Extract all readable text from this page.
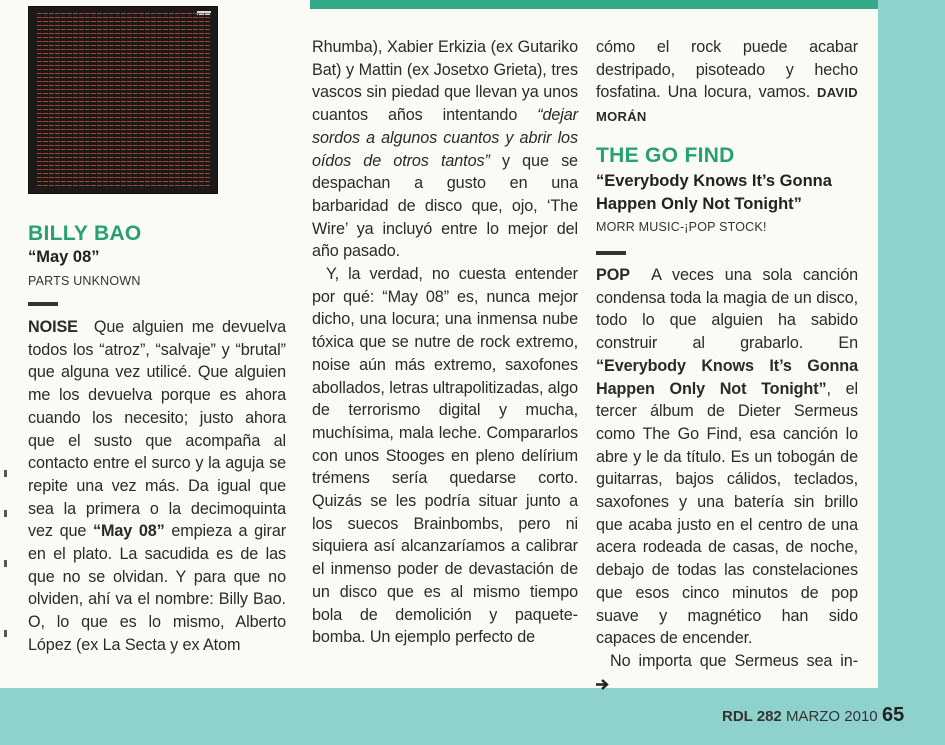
BILLY BAO
“May 08”
PARTS UNKNOWN

NOISE Que alguien me devuelva todos los “atroz”, “salvaje” y “brutal” que alguna vez utilicé. Que alguien me los devuelva porque es ahora cuando los necesito; justo ahora que el susto que acompaña al contacto entre el surco y la aguja se repite una vez más. Da igual que sea la primera o la decimoquinta vez que “May 08” empieza a girar en el plato. La sacudida es de las que no se olvidan. Y para que no olviden, ahí va el nombre: Billy Bao. O, lo que es lo mismo, Alberto López (ex La Secta y ex Atom

THE GO FIND
“Everybody Knows It’s Gonna Happen Only Not Tonight”
MORR MUSIC-¡POP STOCK!

POP A veces una sola canción condensa toda la magia de un disco, todo lo que alguien ha sabido construir al grabarlo. En “Everybody Knows It’s Gonna Happen Only Not Tonight”, el tercer álbum de Dieter Sermeus como The Go Find, esa canción lo abre y le da título. Es un tobogán de guitarras, bajos cálidos, teclados, saxofones y una batería sin brillo que acaba justo en el centro de una acera rodeada de casas, de noche, debajo de todas las constelaciones que esos cinco minutos de pop suave y magnético han sido capaces de encender.

No importa que Sermeus sea in-

Rhumba), Xabier Erkizia (ex Gutariko Bat) y Mattin (ex Josetxo Grieta), tres vascos sin piedad que llevan ya unos cuantos años intentando “dejar sordos a algunos cuantos y abrir los oídos de otros tantos” y que se despachan a gusto en una barbaridad de disco que, ojo, ‘The Wire’ ya incluyó entre lo mejor del año pasado.

Y, la verdad, no cuesta entender por qué: “May 08” es, nunca mejor dicho, una locura; una inmensa nube tóxica que se nutre de rock extremo, noise aún más extremo, saxofones abollados, letras ultrapolitizadas, algo de terrorismo digital y mucha, muchísima, mala leche. Compararlos con unos Stooges en pleno delírium trémens sería quedarse corto. Quizás se les podría situar junto a los suecos Brainbombs, pero ni siquiera así alcanzaríamos a calibrar el inmenso poder de devastación de un disco que es al mismo tiempo bola de demolición y paquete-bomba. Un ejemplo perfecto de

cómo el rock puede acabar destripado, pisoteado y hecho fosfatina. Una locura, vamos. DAVID MORÁN

RDL 282 MARZO 2010 65
